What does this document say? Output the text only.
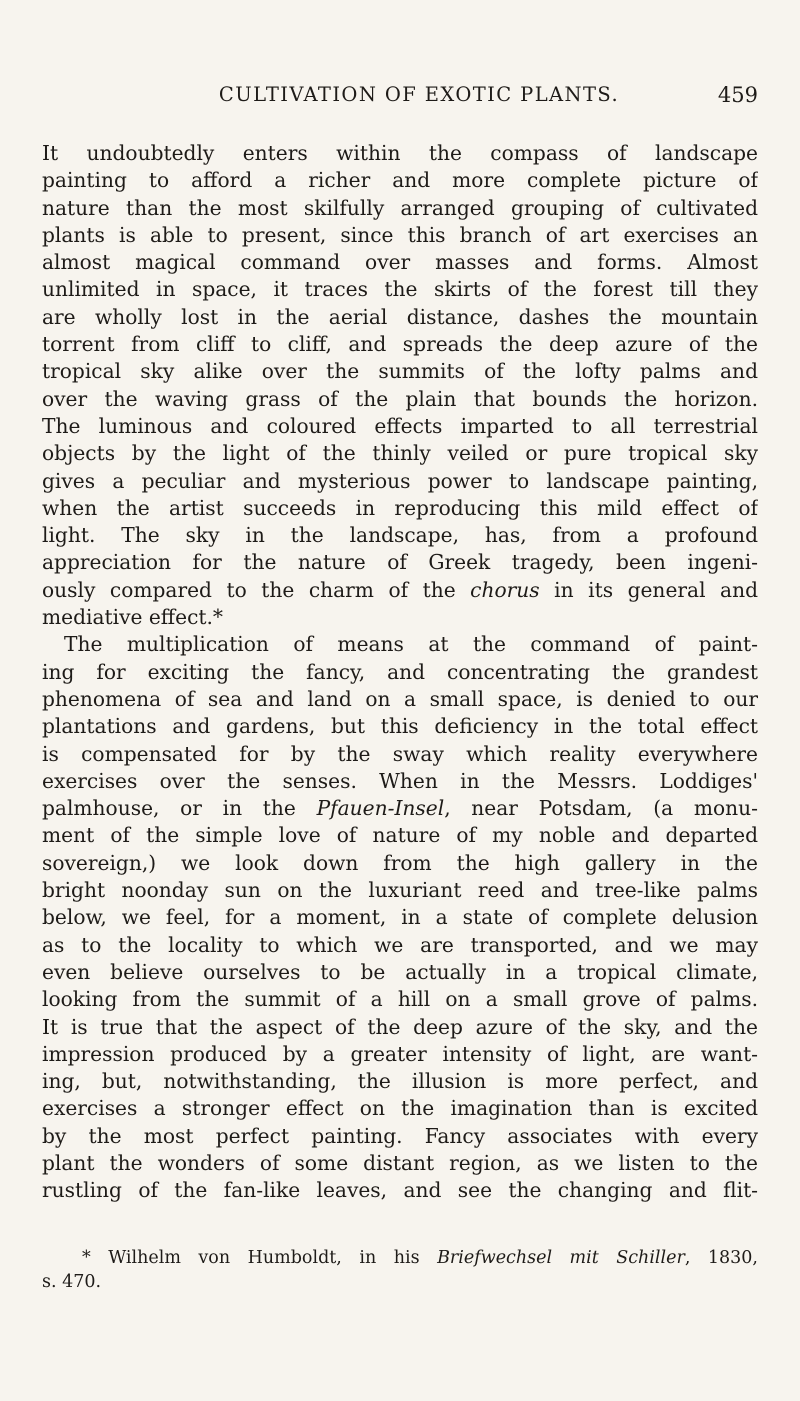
CULTIVATION OF EXOTIC PLANTS.	459
It undoubtedly enters within the compass of landscape
painting to afford a richer and more complete picture of
nature than the most skilfully arranged grouping of cultivated
plants is able to present, since this branch of art exercises an
almost magical command over masses and forms. Almost
unlimited in space, it traces the skirts of the forest till they
are wholly lost in the aerial distance, dashes the mountain
torrent from cliff to cliff, and spreads the deep azure of the
tropical sky alike over the summits of the lofty palms and
over the waving grass of the plain that bounds the horizon.
The luminous and coloured effects imparted to all terrestrial
objects by the light of the thinly veiled or pure tropical sky
gives a peculiar and mysterious power to landscape painting,
when the artist succeeds in reproducing this mild effect of
light. The sky in the landscape, has, from a profound
appreciation for the nature of Greek tragedy, been ingeni-
ously compared to the charm of the chorus in its general and
mediative effect.*
The multiplication of means at the command of paint-
ing for exciting the fancy, and concentrating the grandest
phenomena of sea and land on a small space, is denied to our
plantations and gardens, but this deficiency in the total effect
is compensated for by the sway which reality everywhere
exercises over the senses. When in the Messrs. Loddiges'
palmhouse, or in the Pfauen-Insel, near Potsdam, (a monu-
ment of the simple love of nature of my noble and departed
sovereign,) we look down from the high gallery in the
bright noonday sun on the luxuriant reed and tree-like palms
below, we feel, for a moment, in a state of complete delusion
as to the locality to which we are transported, and we may
even believe ourselves to be actually in a tropical climate,
looking from the summit of a hill on a small grove of palms.
It is true that the aspect of the deep azure of the sky, and the
impression produced by a greater intensity of light, are want-
ing, but, notwithstanding, the illusion is more perfect, and
exercises a stronger effect on the imagination than is excited
by the most perfect painting. Fancy associates with every
plant the wonders of some distant region, as we listen to the
rustling of the fan-like leaves, and see the changing and flit-
* Wilhelm von Humboldt, in his Briefwechsel mit Schiller, 1830,
s. 470.
